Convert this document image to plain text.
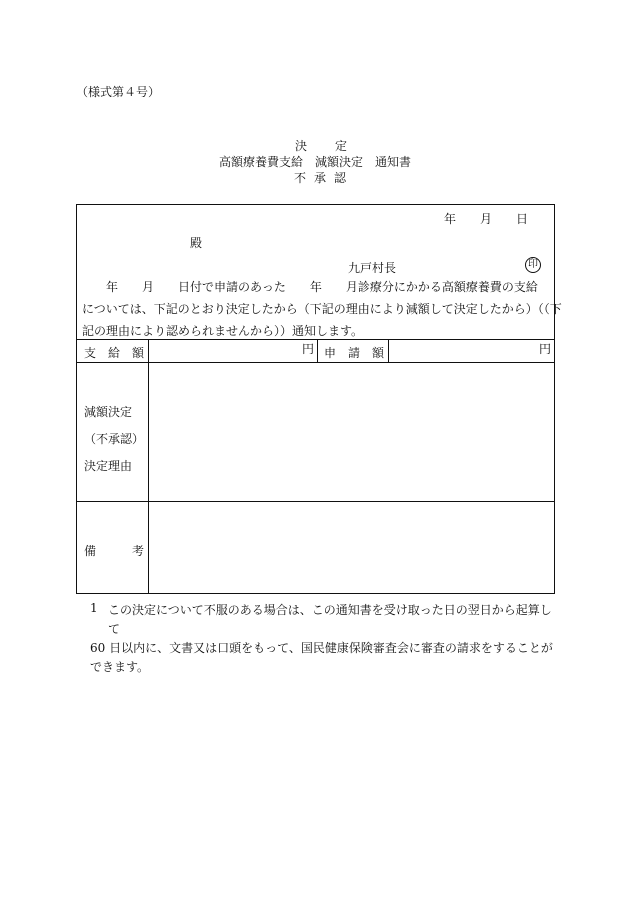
（様式第４号）
決定
高額療養費支給　減額決定　通知書
不承認
年　　月　　日
殿
九戸村長	印
　　年　　月　　日付で申請のあった　　年　　月診療分にかかる高額療養費の支給
については、下記のとおり決定したから（下記の理由により減額して決定したから）（（下
記の理由により認められませんから））通知します。
支　給　額	円 申　請　額	円
減額決定
（不承認）
決定理由
備　　　考
1 この決定について不服のある場合は、この通知書を受け取った日の翌日から起算して
60 日以内に、文書又は口頭をもって、国民健康保険審査会に審査の請求をすることが
できます。
